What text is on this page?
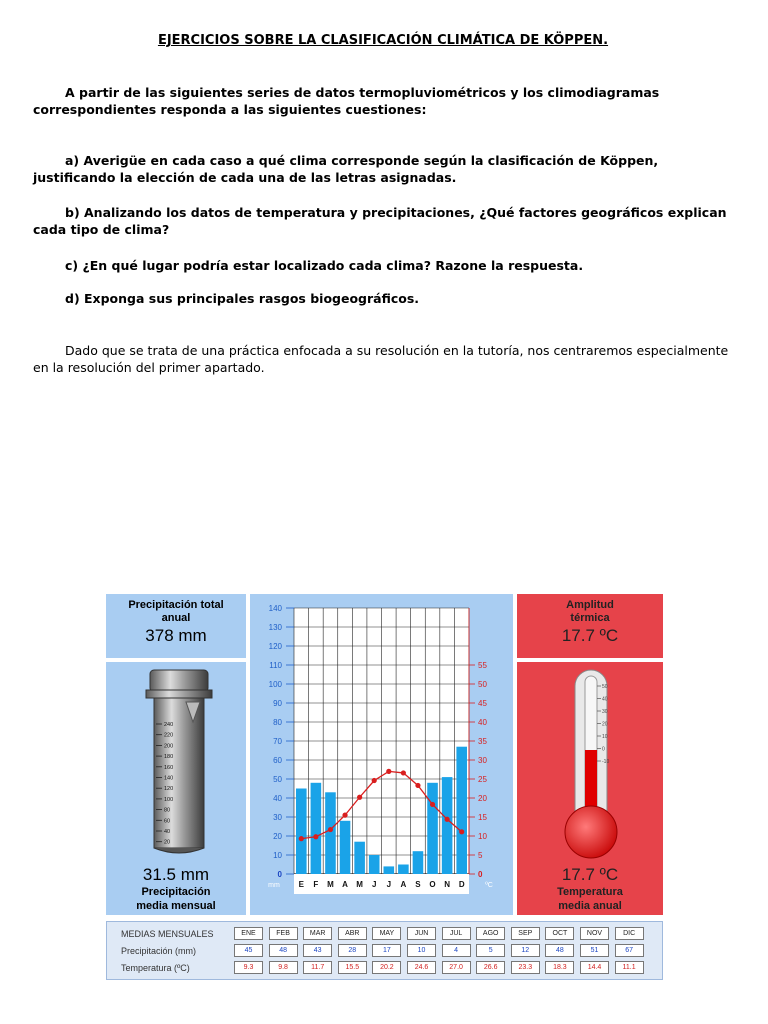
EJERCICIOS SOBRE LA CLASIFICACIÓN CLIMÁTICA DE KÖPPEN.

A partir de las siguientes series de datos termopluviométricos y los climodiagramas correspondientes responda a las siguientes cuestiones:

a) Averigüe en cada caso a qué clima corresponde según la clasificación de Köppen, justificando la elección de cada una de las letras asignadas.

b) Analizando los datos de temperatura y precipitaciones, ¿Qué factores geográficos explican cada tipo de clima?

c) ¿En qué lugar podría estar localizado cada clima? Razone la respuesta.

d) Exponga sus principales rasgos biogeográficos.

Dado que se trata de una práctica enfocada a su resolución en la tutoría, nos centraremos especialmente en la resolución del primer apartado.

Precipitación total
anual
378 mm
240
220
200
180
160
140
120
100
80
60
40
20
31.5 mm
Precipitación
media mensual
0
10
20
30
40
50
60
70
80
90
100
110
120
130
140
0
5
10
15
20
25
30
35
40
45
50
55
E F M A M J J A S O N D
mm	ºC
Amplitud
térmica
17.7 ºC
50
40
30
20
10
0
-10
17.7 ºC
Temperatura
media anual
MEDIAS MENSUALES
Precipitación (mm)
Temperatura (ºC)
ENE	FEB	MAR	ABR	MAY	JUN	JUL	AGO	SEP	OCT	NOV	DIC
45	48	43	28	17	10	4	5	12	48	51	67
9.3	9.8	11.7	15.5	20.2	24.6	27.0	26.6	23.3	18.3	14.4	11.1
